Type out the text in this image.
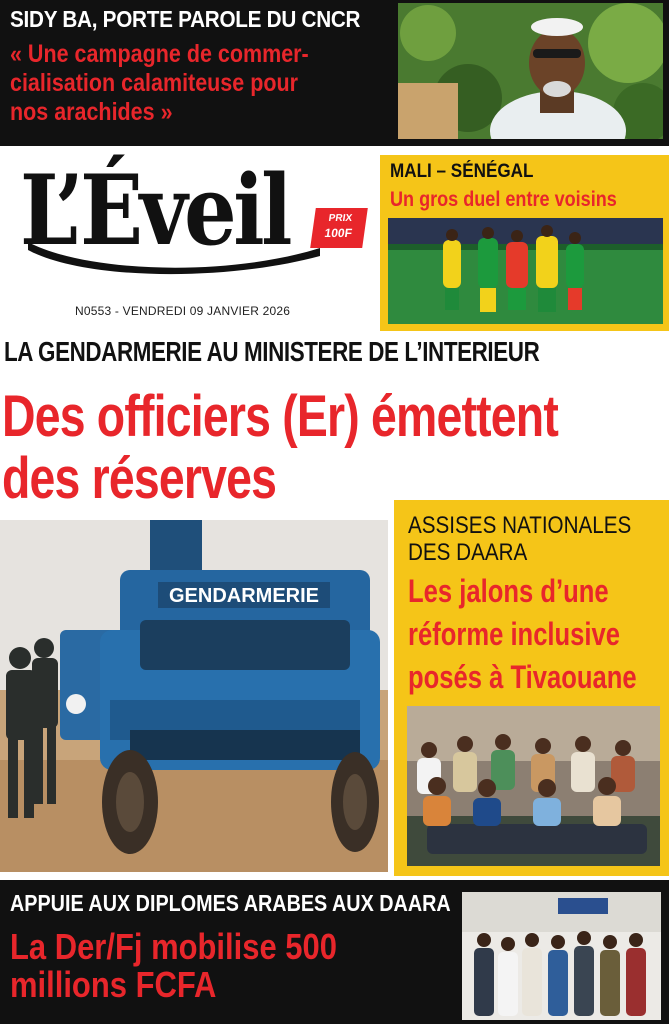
SIDY BA, PORTE PAROLE DU CNCR
« Une campagne de commer-
cialisation calamiteuse pour
nos arachides »
L’Éveil	PRIX
100F
N0553 - VENDREDI 09 JANVIER 2026
MALI – SÉNÉGAL
Un gros duel entre voisins
LA GENDARMERIE AU MINISTERE DE L’INTERIEUR
Des officiers (Er) émettent
des réserves
GENDARMERIE
ASSISES NATIONALES
DES DAARA
Les jalons d’une
réforme inclusive
posés à Tivaouane
APPUIE AUX DIPLOMES ARABES AUX DAARA
La Der/Fj mobilise 500
millions FCFA
